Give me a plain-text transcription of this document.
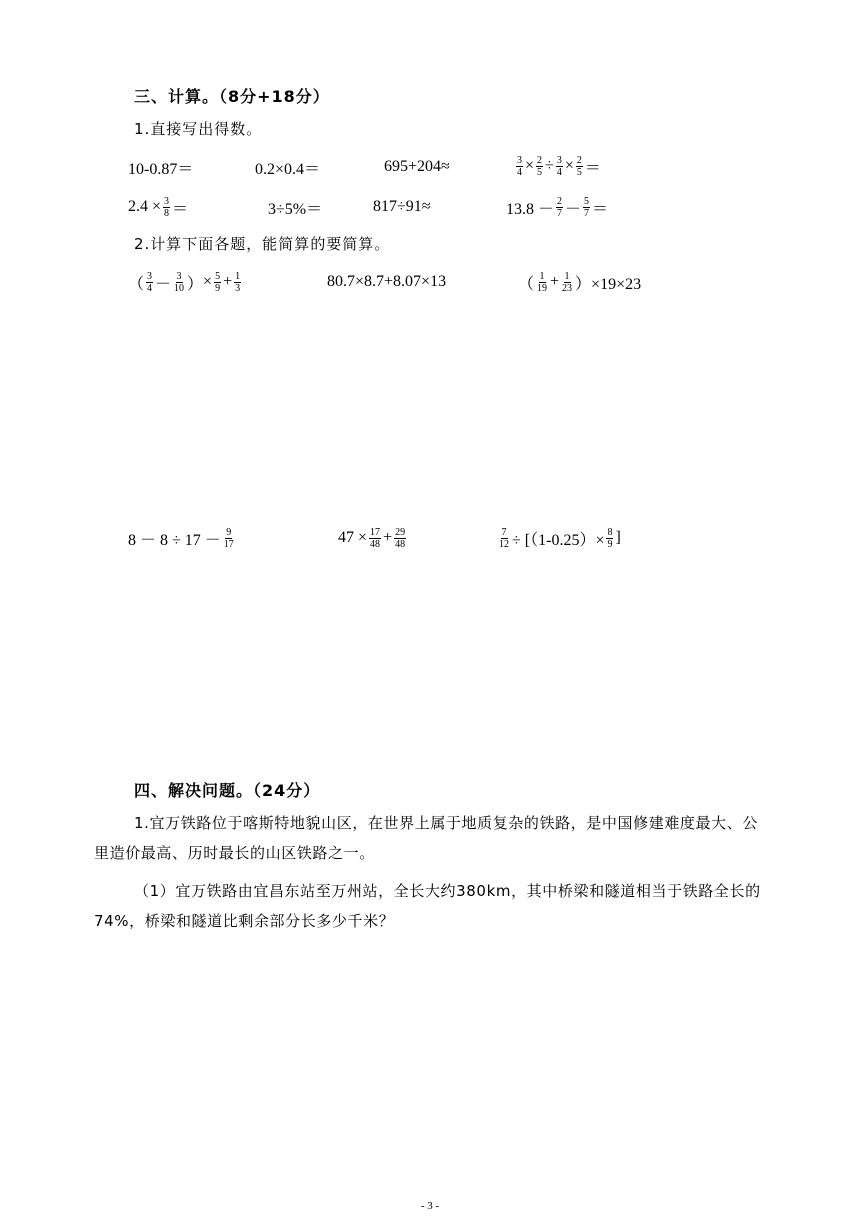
三、计算。（8分+18分）
1.直接写出得数。
10-0.87＝	0.2×0.4＝	695+204≈	$\frac{3}{4} \times \frac{2}{5} \div \frac{3}{4} \times \frac{2}{5}$ ＝
$2.4 \times \frac{3}{8}$ ＝	3÷5%＝	817÷91≈	$13.8 - \frac{2}{7} - \frac{5}{7}$ ＝
2.计算下面各题，能简算的要简算。
（ $\frac{3}{4} - \frac{3}{10}$ ） × $\frac{5}{9} + \frac{1}{3}$	80.7×8.7+8.07×13	（ $\frac{1}{19} + \frac{1}{23} )\times 19\times 23$
$8 - 8 \div 17 - \frac{9}{17}$	$47 \times \frac{17}{48} + \frac{29}{48}$	$\frac{7}{12} \div [(1-0.25)\times \frac{8}{9}$ ]
四、解决问题。（24分）
1.宜万铁路位于喀斯特地貌山区，在世界上属于地质复杂的铁路，是中国修建难度最大、公里造价最高、历时最长的山区铁路之一。
（1）宜万铁路由宜昌东站至万州站，全长大约380km，其中桥梁和隧道相当于铁路全长的74%，桥梁和隧道比剩余部分长多少千米？
- 3 -
